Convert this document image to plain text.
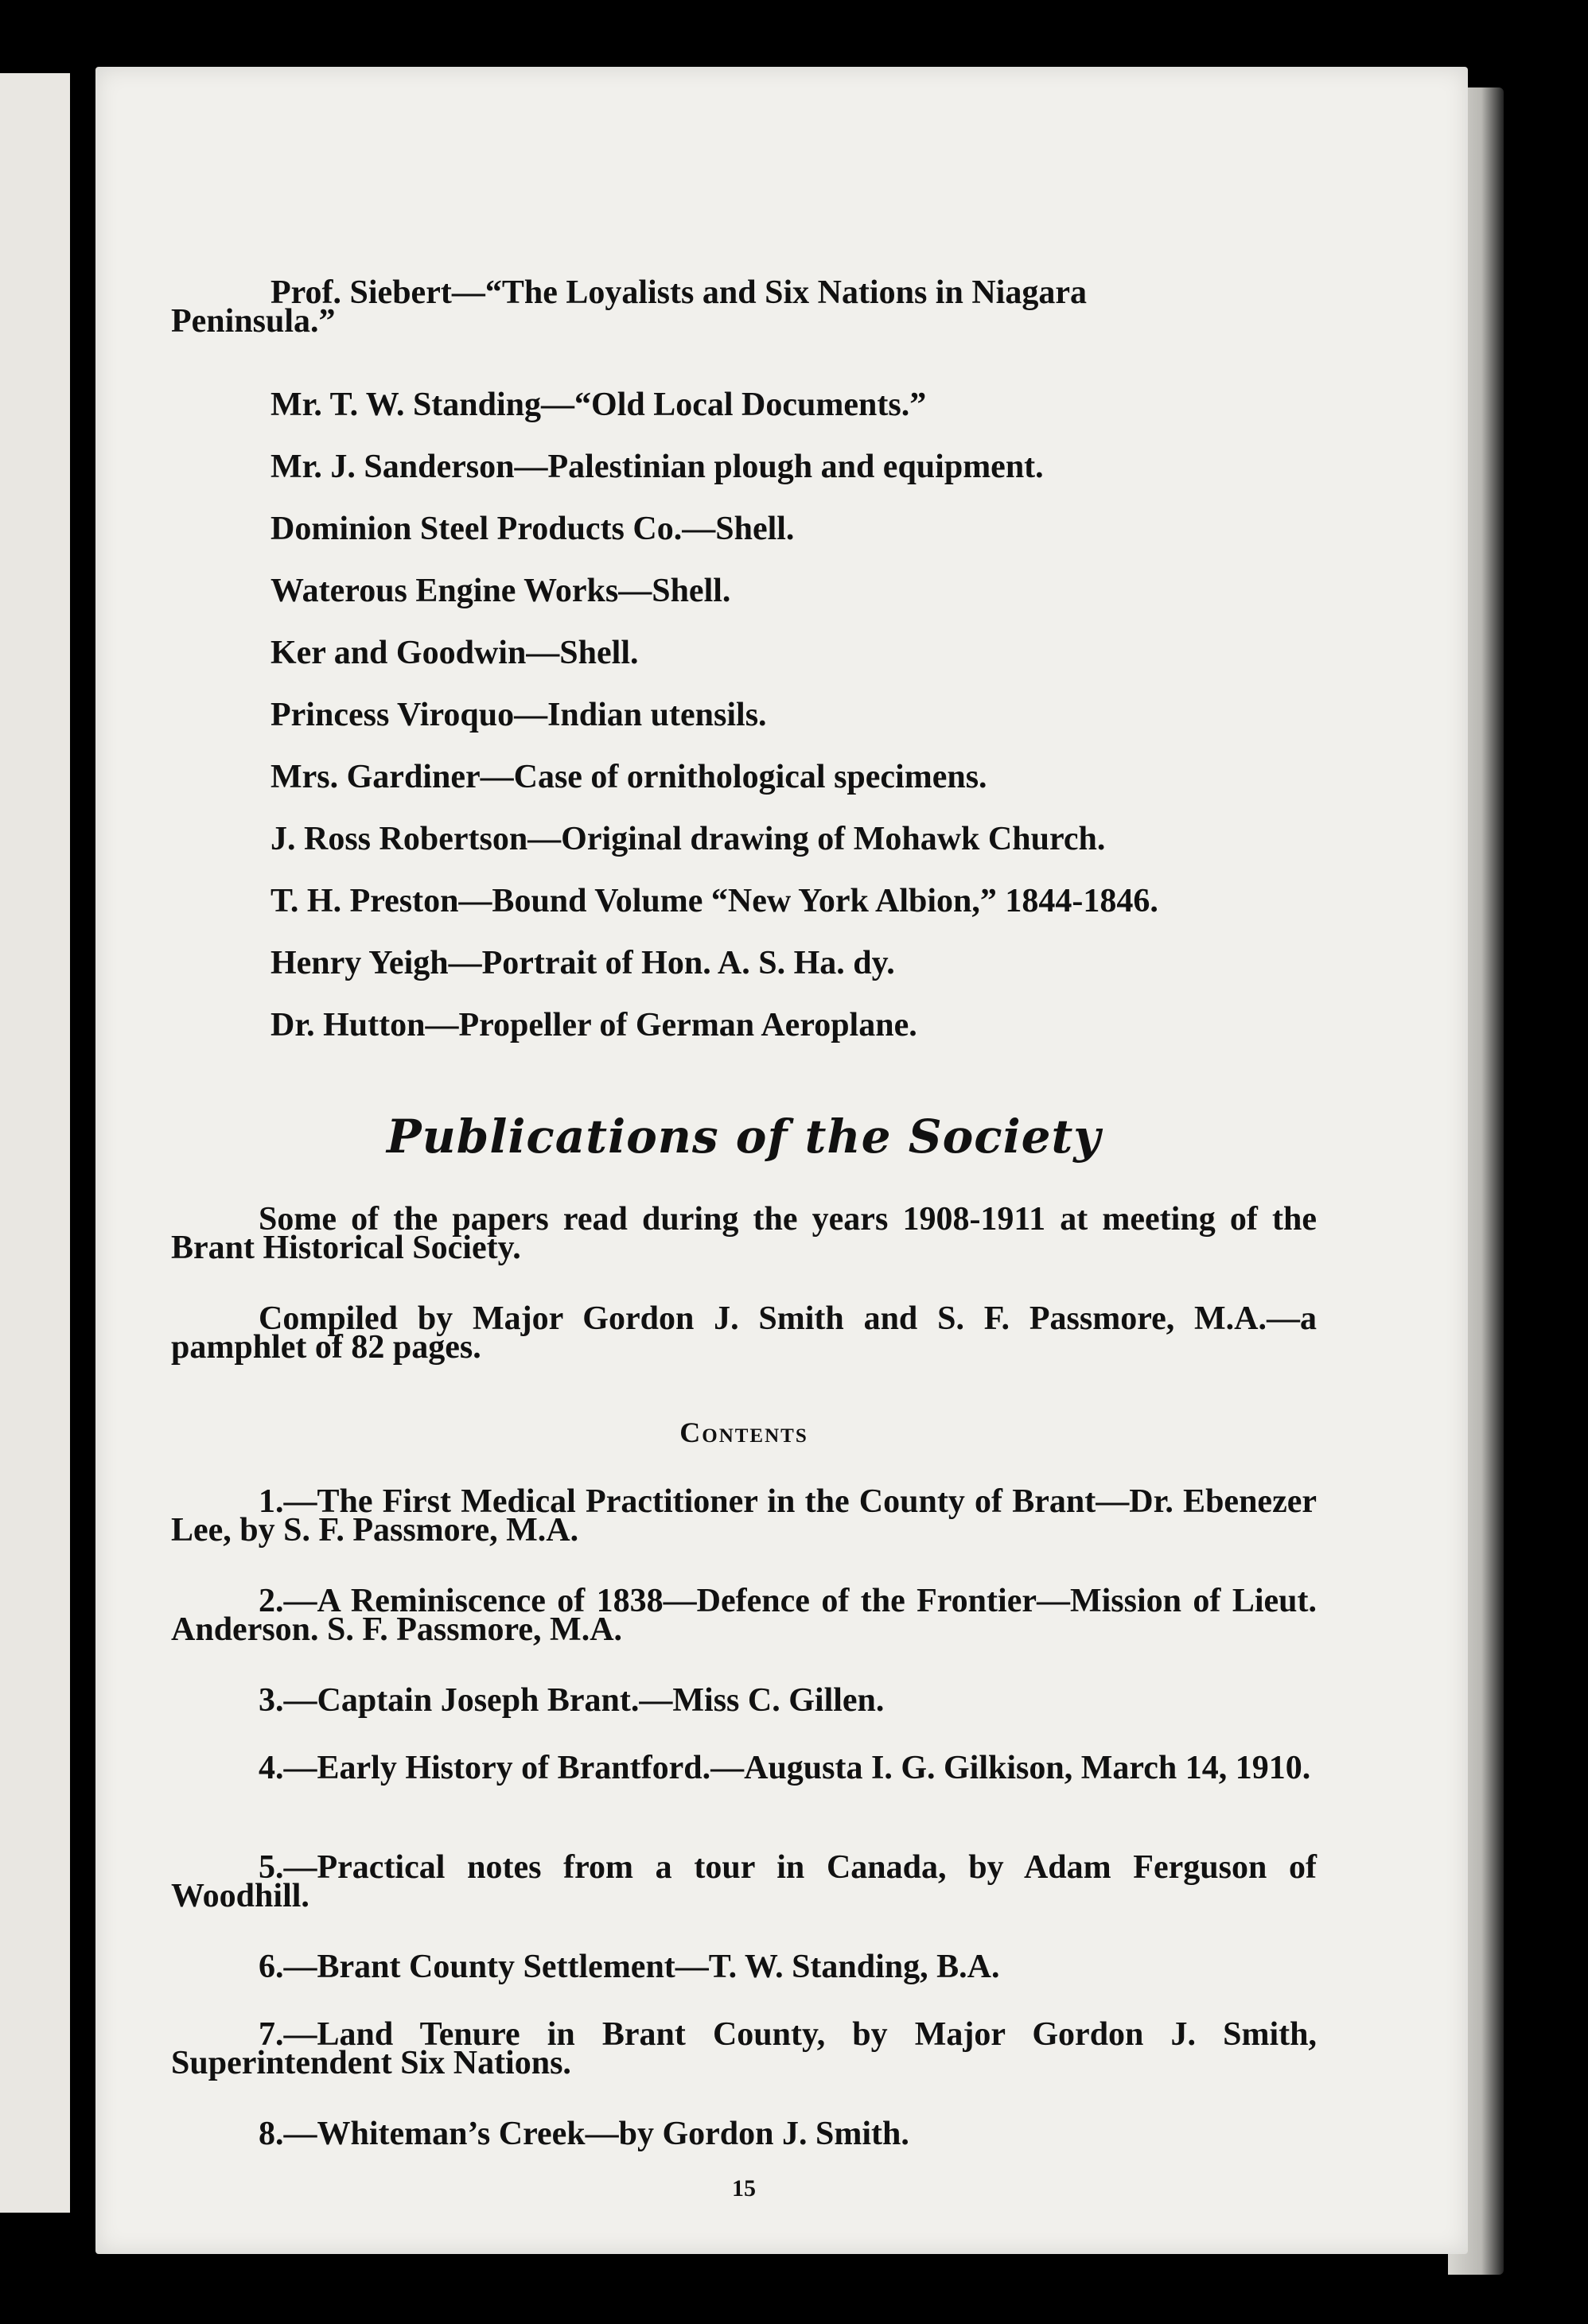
Prof. Siebert—“The Loyalists and Six Nations in Niagara Peninsula.”
Mr. T. W. Standing—“Old Local Documents.”
Mr. J. Sanderson—Palestinian plough and equipment.
Dominion Steel Products Co.—Shell.
Waterous Engine Works—Shell.
Ker and Goodwin—Shell.
Princess Viroquo—Indian utensils.
Mrs. Gardiner—Case of ornithological specimens.
J. Ross Robertson—Original drawing of Mohawk Church.
T. H. Preston—Bound Volume “New York Albion,” 1844-1846.
Henry Yeigh—Portrait of Hon. A. S. Ha. dy.
Dr. Hutton—Propeller of German Aeroplane.
Publications of the Society
Some of the papers read during the years 1908-1911 at meeting of the Brant Historical Society.
Compiled by Major Gordon J. Smith and S. F. Passmore, M.A.—a pamphlet of 82 pages.
Contents
1.—The First Medical Practitioner in the County of Brant—Dr. Ebenezer Lee, by S. F. Passmore, M.A.
2.—A Reminiscence of 1838—Defence of the Frontier—Mission of Lieut. Anderson. S. F. Passmore, M.A.
3.—Captain Joseph Brant.—Miss C. Gillen.
4.—Early History of Brantford.—Augusta I. G. Gilkison, March 14, 1910.
5.—Practical notes from a tour in Canada, by Adam Ferguson of Woodhill.
6.—Brant County Settlement—T. W. Standing, B.A.
7.—Land Tenure in Brant County, by Major Gordon J. Smith, Superintendent Six Nations.
8.—Whiteman’s Creek—by Gordon J. Smith.
15
